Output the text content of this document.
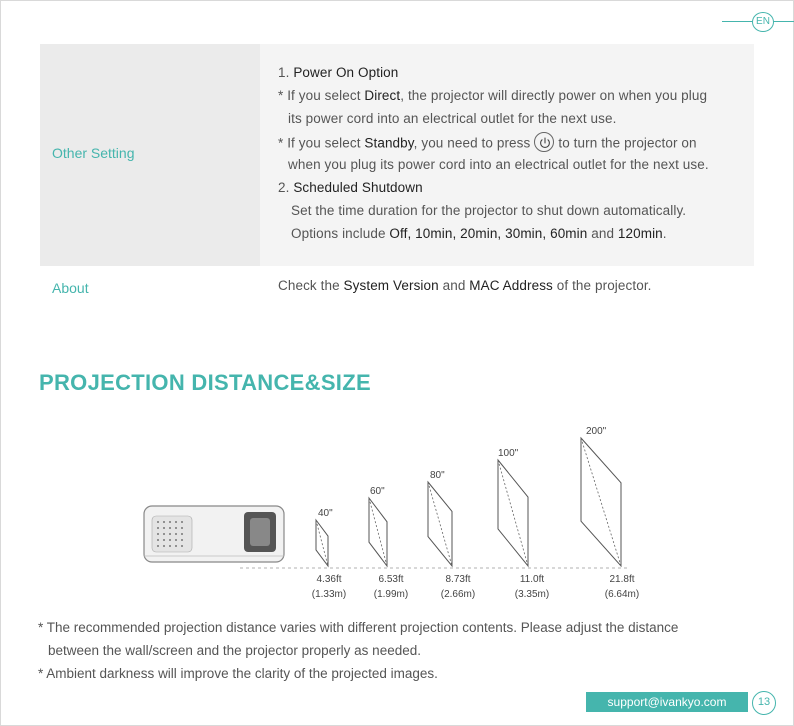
EN
Other Setting
1. Power On Option
* If you select Direct, the projector will directly power on when you plug
its power cord into an electrical outlet for the next use.
* If you select Standby, you need to press to turn the projector on
when you plug its power cord into an electrical outlet for the next use.
2. Scheduled Shutdown
Set the time duration for the projector to shut down automatically.
Options include Off, 10min, 20min, 30min, 60min and 120min.
About	Check the System Version and MAC Address of the projector.
PROJECTION DISTANCE&SIZE
40"
4.36ft
(1.33m)
60"
6.53ft
(1.99m)
80"
8.73ft
(2.66m)
100"
11.0ft
(3.35m)
200"
21.8ft
(6.64m)
* The recommended projection distance varies with different projection contents. Please adjust the distance
between the wall/screen and the projector properly as needed.
* Ambient darkness will improve the clarity of the projected images.
support@ivankyo.com	13
